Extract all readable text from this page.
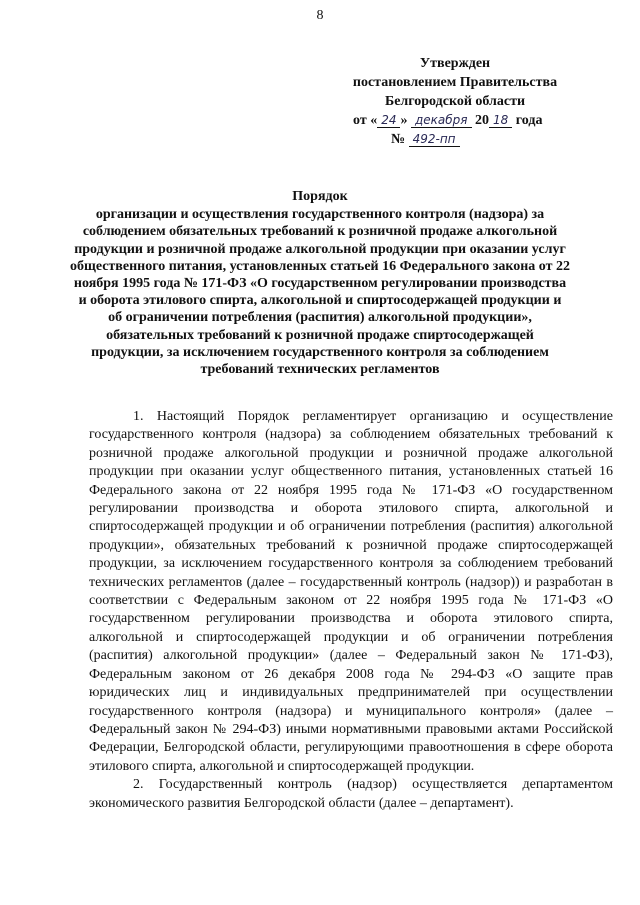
8
Утвержден
постановлением Правительства
Белгородской области
от « 24 » декабря 20 18 года
№ 492-пп
Порядок
организации и осуществления государственного контроля (надзора) за соблюдением обязательных требований к розничной продаже алкогольной продукции и розничной продаже алкогольной продукции при оказании услуг общественного питания, установленных статьей 16 Федерального закона от 22 ноября 1995 года № 171-ФЗ «О государственном регулировании производства и оборота этилового спирта, алкогольной и спиртосодержащей продукции и об ограничении потребления (распития) алкогольной продукции», обязательных требований к розничной продаже спиртосодержащей продукции, за исключением государственного контроля за соблюдением требований технических регламентов

1. Настоящий Порядок регламентирует организацию и осуществление государственного контроля (надзора) за соблюдением обязательных требований к розничной продаже алкогольной продукции и розничной продаже алкогольной продукции при оказании услуг общественного питания, установленных статьей 16 Федерального закона от 22 ноября 1995 года № 171-ФЗ «О государственном регулировании производства и оборота этилового спирта, алкогольной и спиртосодержащей продукции и об ограничении потребления (распития) алкогольной продукции», обязательных требований к розничной продаже спиртосодержащей продукции, за исключением государственного контроля за соблюдением требований технических регламентов (далее – государственный контроль (надзор)) и разработан в соответствии с Федеральным законом от 22 ноября 1995 года № 171-ФЗ «О государственном регулировании производства и оборота этилового спирта, алкогольной и спиртосодержащей продукции и об ограничении потребления (распития) алкогольной продукции» (далее – Федеральный закон № 171-ФЗ), Федеральным законом от 26 декабря 2008 года № 294-ФЗ «О защите прав юридических лиц и индивидуальных предпринимателей при осуществлении государственного контроля (надзора) и муниципального контроля» (далее – Федеральный закон № 294-ФЗ) иными нормативными правовыми актами Российской Федерации, Белгородской области, регулирующими правоотношения в сфере оборота этилового спирта, алкогольной и спиртосодержащей продукции.

2. Государственный контроль (надзор) осуществляется департаментом экономического развития Белгородской области (далее – департамент).
